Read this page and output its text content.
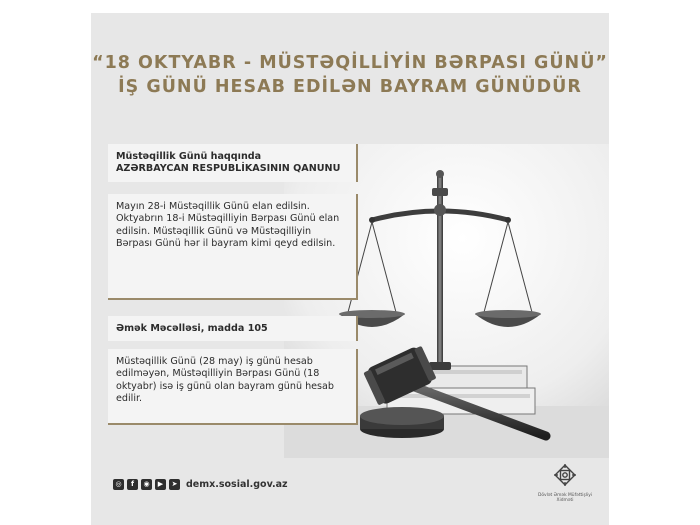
“18 OKTYABR - MÜSTƏQİLLİYİN BƏRPASI GÜNÜ”
İŞ GÜNÜ HESAB EDİLƏN BAYRAM GÜNÜDÜR
Müstəqillik Günü haqqında
AZƏRBAYCAN RESPUBLİKASININ QANUNU
Mayın 28-i Müstəqillik Günü elan edilsin. Oktyabrın 18-i Müstəqilliyin Bərpası Günü elan edilsin. Müstəqillik Günü və Müstəqilliyin Bərpası Günü hər il bayram kimi qeyd edilsin.
Əmək Məcəlləsi, madda 105
Müstəqillik Günü (28 may) iş günü hesab edilməyən, Müstəqilliyin Bərpası Günü (18 oktyabr) isə iş günü olan bayram günü hesab edilir.
◎	f	◉	▶	➤ demx.sosial.gov.az
Dövlət Əmək Müfəttişliyi Xidməti
